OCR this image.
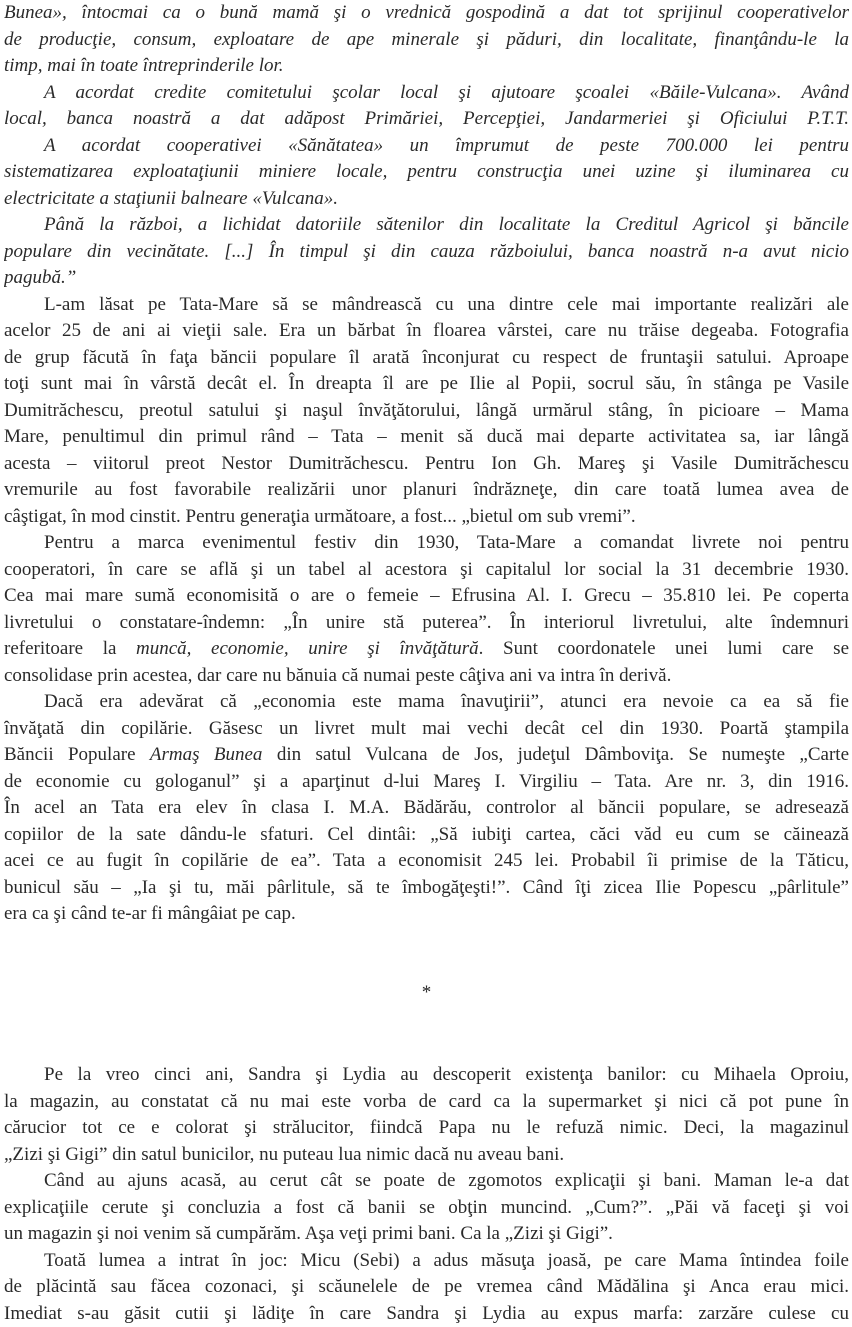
Bunea», întocmai ca o bună mamă şi o vrednică gospodină a dat tot sprijinul cooperativelor
de producţie, consum, exploatare de ape minerale şi păduri, din localitate, finanţându-le la
timp, mai în toate întreprinderile lor.
A acordat credite comitetului şcolar local şi ajutoare şcoalei «Băile-Vulcana». Având
local, banca noastră a dat adăpost Primăriei, Percepţiei, Jandarmeriei şi Oficiului P.T.T.
A acordat cooperativei «Sănătatea» un împrumut de peste 700.000 lei pentru
sistematizarea exploataţiunii miniere locale, pentru construcţia unei uzine şi iluminarea cu
electricitate a staţiunii balneare «Vulcana».
Până la război, a lichidat datoriile sătenilor din localitate la Creditul Agricol şi băncile
populare din vecinătate. [...] În timpul şi din cauza războiului, banca noastră n-a avut nicio
pagubă.”
L-am lăsat pe Tata-Mare să se mândrească cu una dintre cele mai importante realizări ale
acelor 25 de ani ai vieţii sale. Era un bărbat în floarea vârstei, care nu trăise degeaba. Fotografia
de grup făcută în faţa băncii populare îl arată înconjurat cu respect de fruntaşii satului. Aproape
toţi sunt mai în vârstă decât el. În dreapta îl are pe Ilie al Popii, socrul său, în stânga pe Vasile
Dumitrăchescu, preotul satului şi naşul învăţătorului, lângă urmărul stâng, în picioare – Mama
Mare, penultimul din primul rând – Tata – menit să ducă mai departe activitatea sa, iar lângă
acesta – viitorul preot Nestor Dumitrăchescu. Pentru Ion Gh. Mareş şi Vasile Dumitrăchescu
vremurile au fost favorabile realizării unor planuri îndrăzneţe, din care toată lumea avea de
câştigat, în mod cinstit. Pentru generaţia următoare, a fost... „bietul om sub vremi”.
Pentru a marca evenimentul festiv din 1930, Tata-Mare a comandat livrete noi pentru
cooperatori, în care se află şi un tabel al acestora şi capitalul lor social la 31 decembrie 1930.
Cea mai mare sumă economisită o are o femeie – Efrusina Al. I. Grecu – 35.810 lei. Pe coperta
livretului o constatare-îndemn: „În unire stă puterea”. În interiorul livretului, alte îndemnuri
referitoare la muncă, economie, unire şi învăţătură. Sunt coordonatele unei lumi care se
consolidase prin acestea, dar care nu bănuia că numai peste câţiva ani va intra în derivă.
Dacă era adevărat că „economia este mama înavuţirii”, atunci era nevoie ca ea să fie
învăţată din copilărie. Găsesc un livret mult mai vechi decât cel din 1930. Poartă ştampila
Băncii Populare Armaş Bunea din satul Vulcana de Jos, judeţul Dâmboviţa. Se numeşte „Carte
de economie cu gologanul” şi a aparţinut d-lui Mareş I. Virgiliu – Tata. Are nr. 3, din 1916.
În acel an Tata era elev în clasa I. M.A. Bădărău, controlor al băncii populare, se adresează
copiilor de la sate dându-le sfaturi. Cel dintâi: „Să iubiţi cartea, căci văd eu cum se căinează
acei ce au fugit în copilărie de ea”. Tata a economisit 245 lei. Probabil îi primise de la Tăticu,
bunicul său – „Ia şi tu, măi pârlitule, să te îmbogăţeşti!”. Când îţi zicea Ilie Popescu „pârlitule”
era ca şi când te-ar fi mângâiat pe cap.
*
Pe la vreo cinci ani, Sandra şi Lydia au descoperit existenţa banilor: cu Mihaela Oproiu,
la magazin, au constatat că nu mai este vorba de card ca la supermarket şi nici că pot pune în
cărucior tot ce e colorat şi strălucitor, fiindcă Papa nu le refuză nimic. Deci, la magazinul
„Zizi şi Gigi” din satul bunicilor, nu puteau lua nimic dacă nu aveau bani.
Când au ajuns acasă, au cerut cât se poate de zgomotos explicaţii şi bani. Maman le-a dat
explicaţiile cerute şi concluzia a fost că banii se obţin muncind. „Cum?”. „Păi vă faceţi şi voi
un magazin şi noi venim să cumpărăm. Aşa veţi primi bani. Ca la „Zizi şi Gigi”.
Toată lumea a intrat în joc: Micu (Sebi) a adus măsuţa joasă, pe care Mama întindea foile
de plăcintă sau făcea cozonaci, şi scăunelele de pe vremea când Mădălina şi Anca erau mici.
Imediat s-au găsit cutii şi lădiţe în care Sandra şi Lydia au expus marfa: zarzăre culese cu
